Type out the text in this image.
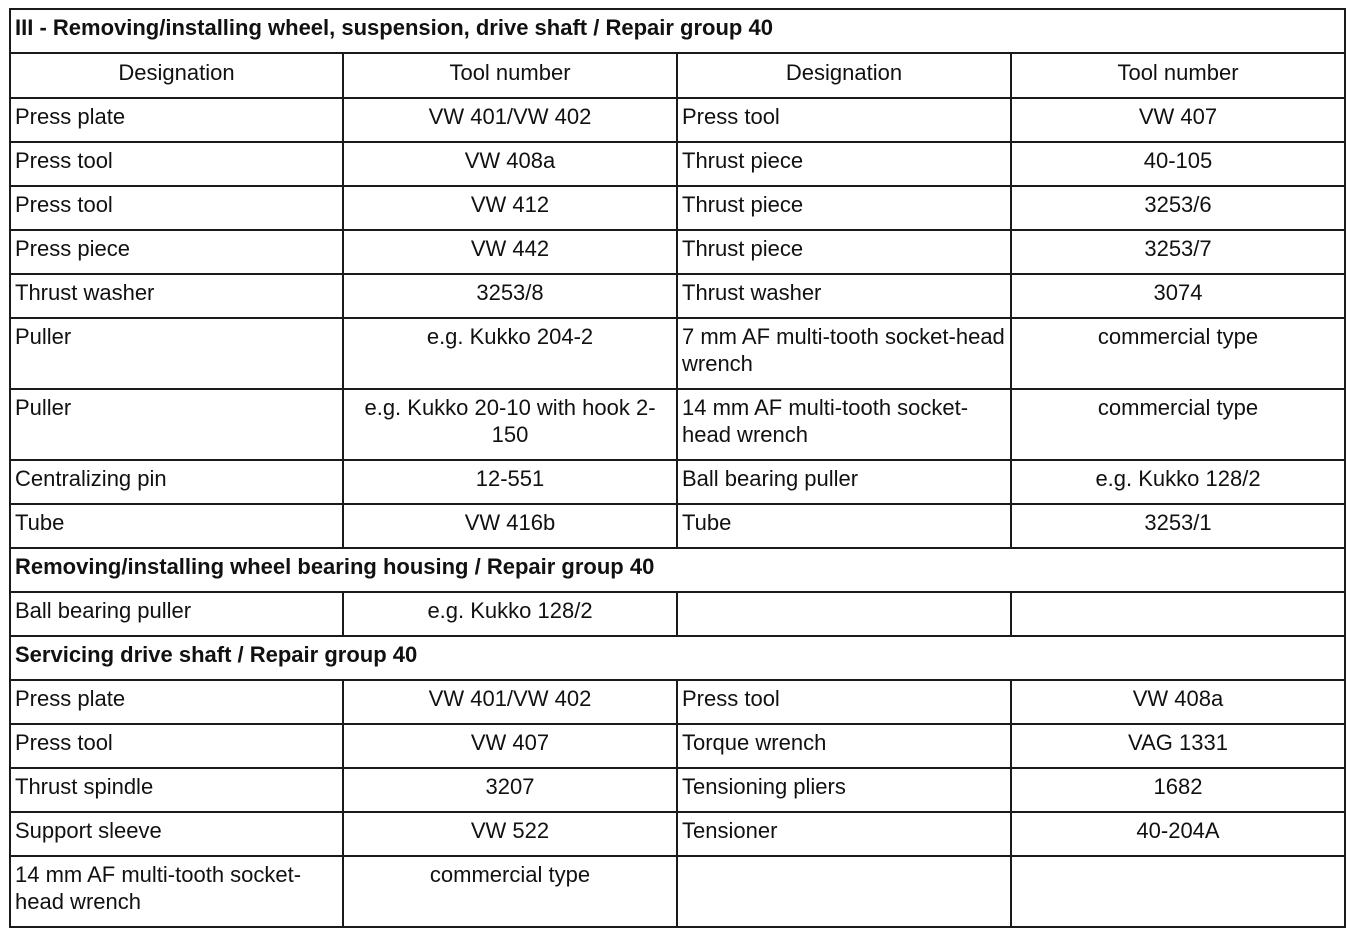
III - Removing/installing wheel, suspension, drive shaft / Repair group 40			
Designation	Tool number	Designation	Tool number
Press plate	VW 401/VW 402	Press tool	VW 407
Press tool	VW 408a	Thrust piece	40-105
Press tool	VW 412	Thrust piece	3253/6
Press piece	VW 442	Thrust piece	3253/7
Thrust washer	3253/8	Thrust washer	3074
Puller	e.g. Kukko 204-2	7 mm AF multi-tooth socket-head wrench	commercial type
Puller	e.g. Kukko 20-10 with hook 2-150	14 mm AF multi-tooth socket-head wrench	commercial type
Centralizing pin	12-551	Ball bearing puller	e.g. Kukko 128/2
Tube	VW 416b	Tube	3253/1
Removing/installing wheel bearing housing / Repair group 40			
Ball bearing puller	e.g. Kukko 128/2		
Servicing drive shaft / Repair group 40			
Press plate	VW 401/VW 402	Press tool	VW 408a
Press tool	VW 407	Torque wrench	VAG 1331
Thrust spindle	3207	Tensioning pliers	1682
Support sleeve	VW 522	Tensioner	40-204A
14 mm AF multi-tooth socket-head wrench	commercial type		
